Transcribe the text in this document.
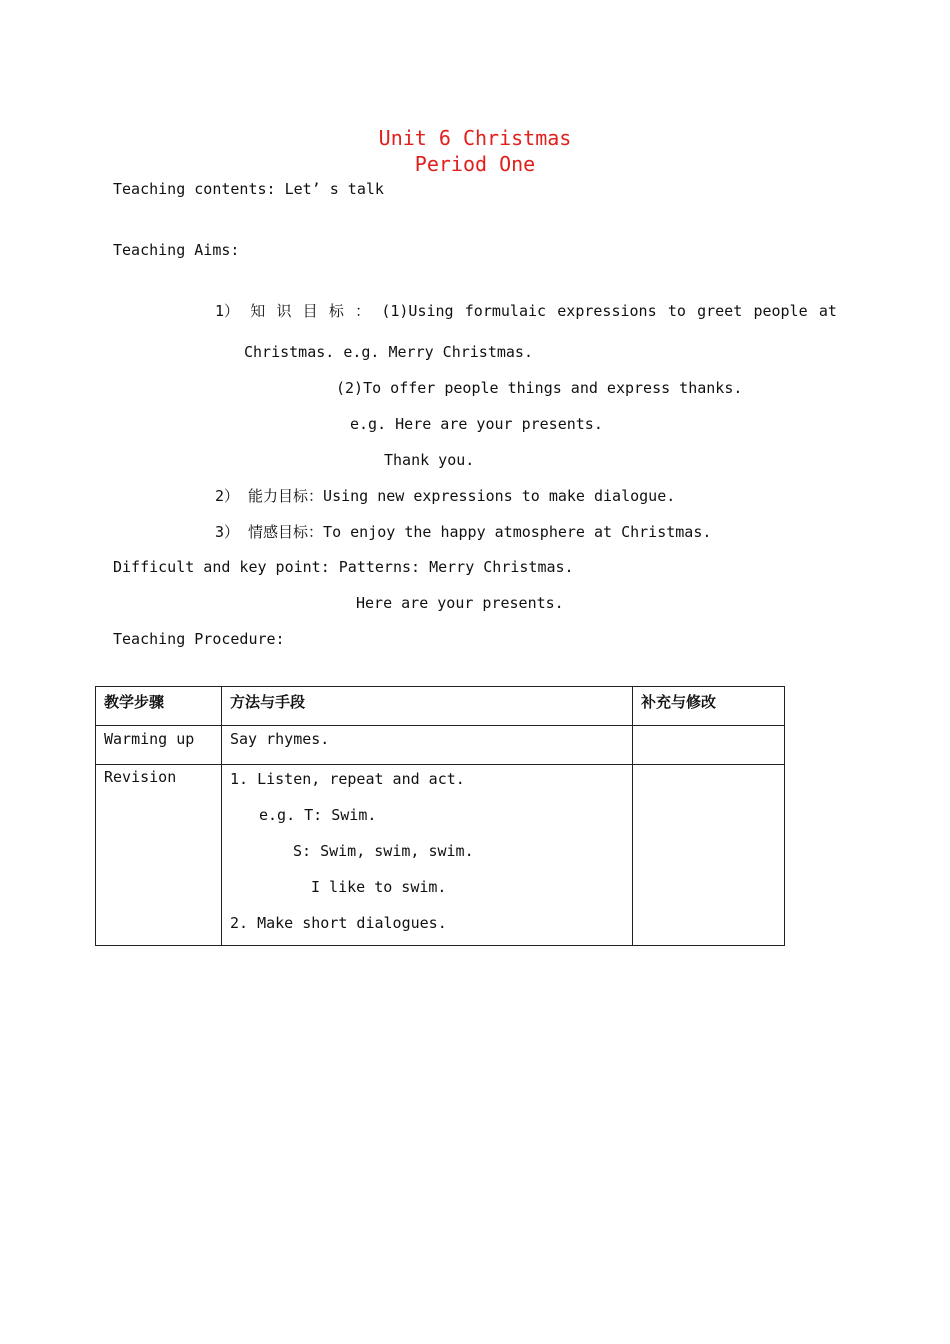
Unit 6 Christmas
Period One
Teaching contents: Let’ s talk
Teaching Aims:
1） 知 识 目 标 ： (1)Using formulaic expressions to greet people at
Christmas. e.g. Merry Christmas.
(2)To offer people things and express thanks.
e.g. Here are your presents.
Thank you.
2） 能力目标：Using new expressions to make dialogue.
3） 情感目标：To enjoy the happy atmosphere at Christmas.
Difficult and key point: Patterns: Merry Christmas.
Here are your presents.
Teaching Procedure:
教学步骤	方法与手段	补充与修改
Warming up	Say rhymes.	
Revision	1. Listen, repeat and act.
e.g. T: Swim.
S: Swim, swim, swim.
I like to swim.
2. Make short dialogues.	
